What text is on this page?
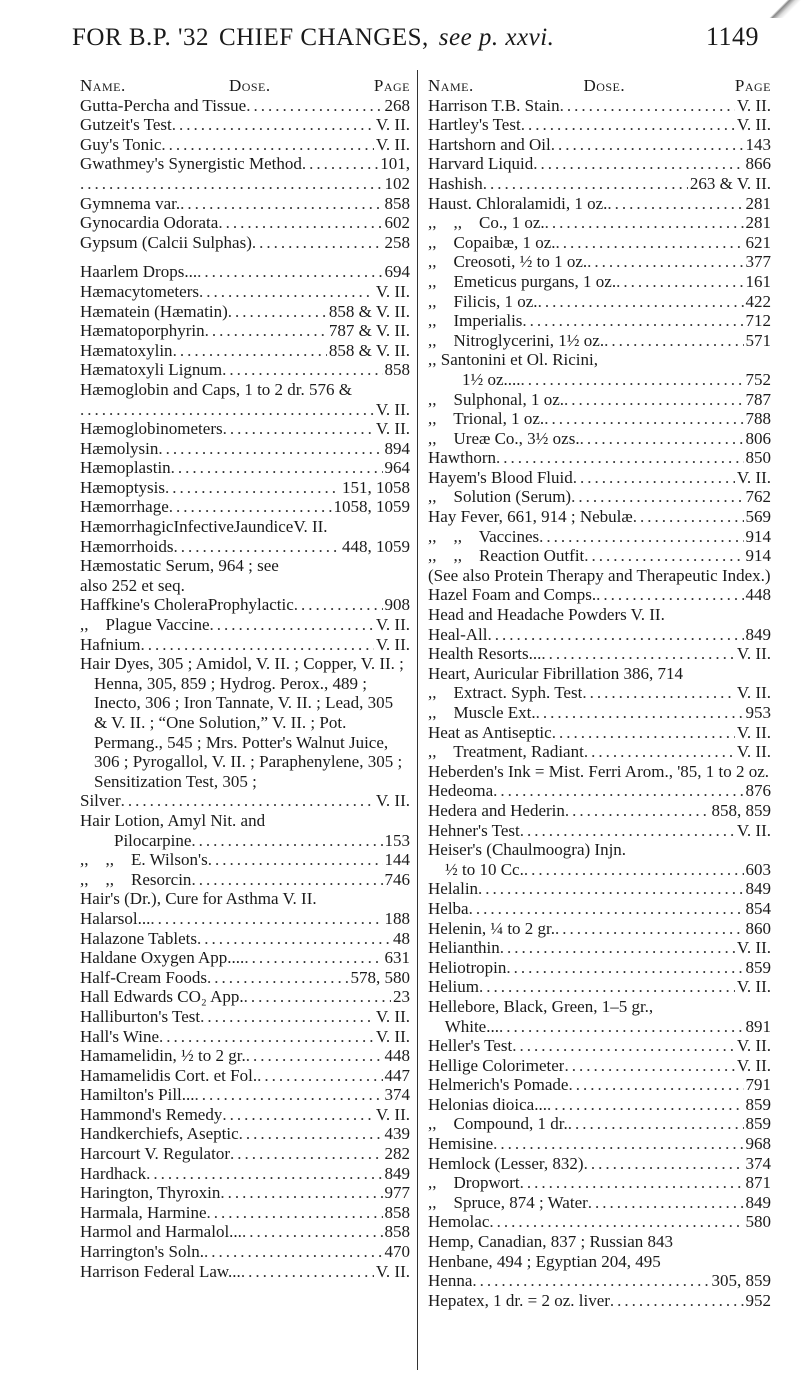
FOR B.P. '32 CHIEF CHANGES, see p. xxvi.	1149
Name.	Dose.	Page
Gutta-Percha and Tissue .....	268
Gutzeit's Test .....	V. II.
Guy's Tonic .....	V. II.
Gwathmey's Synergistic Method .....	101,
.....
102
Gymnema var. .....	858
Gynocardia Odorata .....	602
Gypsum (Calcii Sulphas) .....	258
Haarlem Drops... .....	694
Hæmacytometers .....	V. II.
Hæmatein (Hæmatin) .....	858 & V. II.
Hæmatoporphyrin .....	787 & V. II.
Hæmatoxylin .....	858 & V. II.
Hæmatoxyli Lignum .....	858
Hæmoglobin and Caps, 1 to 2 dr. 576 &
.....
V. II.
Hæmoglobinometers .....	V. II.
Hæmolysin .....	894
Hæmoplastin .....	964
Hæmoptysis .....	151, 1058
Hæmorrhage .....	1058, 1059
HæmorrhagicInfectiveJaundiceV. II.
Hæmorrhoids .....	448, 1059
Hæmostatic Serum, 964 ; see
also 252 et seq.
Haffkine's CholeraProphylactic .....	908
,,    Plague Vaccine .....	V. II.
Hafnium .....	V. II.
Hair Dyes, 305 ; Amidol, V. II. ; Copper, V. II. ; Henna, 305, 859 ; Hydrog. Perox., 489 ; Inecto, 306 ; Iron Tannate, V. II. ; Lead, 305 & V. II. ; “One Solution,” V. II. ; Pot. Permang., 545 ; Mrs. Potter's Walnut Juice, 306 ; Pyrogallol, V. II. ; Paraphenylene, 305 ; Sensitization Test, 305 ;
Silver .....	V. II.
Hair Lotion, Amyl Nit. and
Pilocarpine .....	153
,,    ,,    E. Wilson's .....	144
,,    ,,    Resorcin .....	746
Hair's (Dr.), Cure for Asthma V. II.
Halarsol... .....	188
Halazone Tablets .....	48
Haldane Oxygen App.... .....	631
Half-Cream Foods .....	578, 580
Hall Edwards CO₂ App. .....	23
Halliburton's Test .....	V. II.
Hall's Wine .....	V. II.
Hamamelidin, ½ to 2 gr. .....	448
Hamamelidis Cort. et Fol. .....	447
Hamilton's Pill... .....	374
Hammond's Remedy .....	V. II.
Handkerchiefs, Aseptic .....	439
Harcourt V. Regulator .....	282
Hardhack .....	849
Harington, Thyroxin .....	977
Harmala, Harmine .....	858
Harmol and Harmalol... .....	858
Harrington's Soln. .....	470
Harrison Federal Law... .....	V. II.
Name.	Dose.	Page
Harrison T.B. Stain .....	V. II.
Hartley's Test .....	V. II.
Hartshorn and Oil .....	143
Harvard Liquid .....	866
Hashish .....	263 & V. II.
Haust. Chloralamidi, 1 oz. .....	281
,,    ,,    Co., 1 oz. .....	281
,,    Copaibæ, 1 oz. .....	621
,,    Creosoti, ½ to 1 oz. .....	377
,,    Emeticus purgans, 1 oz. .....	161
,,    Filicis, 1 oz. .....	422
,,    Imperialis .....	712
,,    Nitroglycerini, 1½ oz. .....	571
,, Santonini et Ol. Ricini,
1½ oz.... .....	752
,,    Sulphonal, 1 oz. .....	787
,,    Trional, 1 oz. .....	788
,,    Ureæ Co., 3½ ozs. .....	806
Hawthorn .....	850
Hayem's Blood Fluid .....	V. II.
,,    Solution (Serum) .....	762
Hay Fever, 661, 914 ; Nebulæ .....	569
,,    ,,    Vaccines .....	914
,,    ,,    Reaction Outfit .....	914
(See also Protein Therapy and Therapeutic Index.)
Hazel Foam and Comps. .....	448
Head and Headache Powders V. II.
Heal-All .....	849
Health Resorts... .....	V. II.
Heart, Auricular Fibrillation 386, 714
,,    Extract. Syph. Test .....	V. II.
,,    Muscle Ext. .....	953
Heat as Antiseptic .....	V. II.
,,    Treatment, Radiant .....	V. II.
Heberden's Ink = Mist. Ferri Arom., '85, 1 to 2 oz.
Hedeoma .....	876
Hedera and Hederin .....	858, 859
Hehner's Test .....	V. II.
Heiser's (Chaulmoogra) Injn.
½ to 10 Cc. .....	603
Helalin .....	849
Helba .....	854
Helenin, ¼ to 2 gr. .....	860
Helianthin .....	V. II.
Heliotropin .....	859
Helium .....	V. II.
Hellebore, Black, Green, 1–5 gr.,
White... .....	891
Heller's Test .....	V. II.
Hellige Colorimeter .....	V. II.
Helmerich's Pomade .....	791
Helonias dioica... .....	859
,,    Compound, 1 dr. .....	859
Hemisine .....	968
Hemlock (Lesser, 832) .....	374
,,    Dropwort .....	871
,,    Spruce, 874 ; Water .....	849
Hemolac .....	580
Hemp, Canadian, 837 ; Russian 843
Henbane, 494 ; Egyptian 204, 495
Henna .....	305, 859
Hepatex, 1 dr. = 2 oz. liver .....	952
